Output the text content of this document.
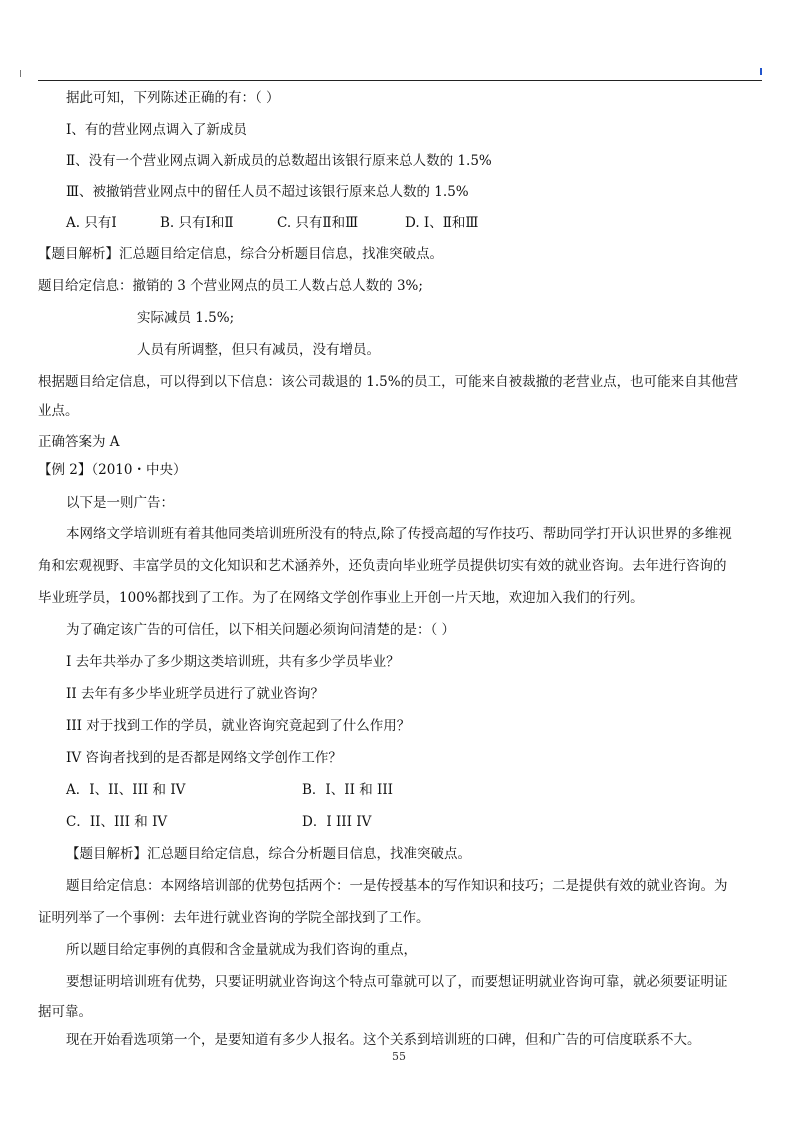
据此可知，下列陈述正确的有：（ ）
Ⅰ、有的营业网点调入了新成员
Ⅱ、没有一个营业网点调入新成员的总数超出该银行原来总人数的 1.5%
Ⅲ、被撤销营业网点中的留任人员不超过该银行原来总人数的 1.5%
A. 只有Ⅰ	B. 只有Ⅰ和Ⅱ	C. 只有Ⅱ和Ⅲ	D. Ⅰ、Ⅱ和Ⅲ
【题目解析】汇总题目给定信息，综合分析题目信息，找准突破点。
题目给定信息：撤销的 3 个营业网点的员工人数占总人数的 3%;
实际减员 1.5%;
人员有所调整，但只有减员，没有增员。
根据题目给定信息，可以得到以下信息：该公司裁退的 1.5%的员工，可能来自被裁撤的老营业点，也可能来自其他营
业点。
正确答案为 A
【例 2】（2010・中央）
以下是一则广告：
本网络文学培训班有着其他同类培训班所没有的特点,除了传授高超的写作技巧、帮助同学打开认识世界的多维视
角和宏观视野、丰富学员的文化知识和艺术涵养外，还负责向毕业班学员提供切实有效的就业咨询。去年进行咨询的
毕业班学员，100%都找到了工作。为了在网络文学创作事业上开创一片天地，欢迎加入我们的行列。
为了确定该广告的可信任，以下相关问题必须询问清楚的是：（ ）
I 去年共举办了多少期这类培训班，共有多少学员毕业？
II 去年有多少毕业班学员进行了就业咨询？
III 对于找到工作的学员，就业咨询究竟起到了什么作用？
IV 咨询者找到的是否都是网络文学创作工作？
A．I、II、III 和 IV	B．I、II 和 III
C．II、III 和 IV	D．I III IV
【题目解析】汇总题目给定信息，综合分析题目信息，找准突破点。
题目给定信息：本网络培训部的优势包括两个：一是传授基本的写作知识和技巧；二是提供有效的就业咨询。为
证明列举了一个事例：去年进行就业咨询的学院全部找到了工作。
所以题目给定事例的真假和含金量就成为我们咨询的重点，
要想证明培训班有优势，只要证明就业咨询这个特点可靠就可以了，而要想证明就业咨询可靠，就必须要证明证
据可靠。
现在开始看选项第一个，是要知道有多少人报名。这个关系到培训班的口碑，但和广告的可信度联系不大。
55
